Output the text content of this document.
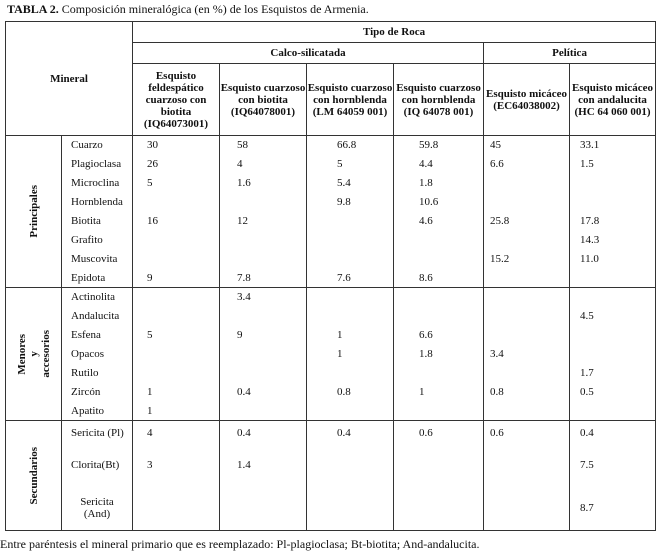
TABLA 2. Composición mineralógica (en %) de los Esquistos de Armenia.
Mineral		Tipo de Roca					
		Calco-silicatada				Pelítica	
		Esquisto feldespático cuarzoso con biotita (IQ64073001)	Esquisto cuarzoso con biotita (IQ64078001)	Esquisto cuarzoso con hornblenda (LM 64059 001)	Esquisto cuarzoso con hornblenda (IQ 64078 001)	Esquisto micáceo (EC64038002)	Esquisto micáceo con andalucita (HC 64 060 001)

Principales	Cuarzo	30	58	66.8	59.8	45	33.1
	Plagioclasa	26	4	5	4.4	6.6	1.5
	Microclina	5	1.6	5.4	1.8		
	Hornblenda			9.8	10.6		
	Biotita	16	12		4.6	25.8	17.8
	Grafito						14.3
	Muscovita					15.2	11.0
	Epidota	9	7.8	7.6	8.6		

Menores
y
accesorios	Actinolita		3.4				
	Andalucita						4.5
	Esfena	5	9	1	6.6		
	Opacos			1	1.8	3.4	
	Rutilo						1.7
	Zircón	1	0.4	0.8	1	0.8	0.5
	Apatito	1					

Secundarios	Sericita (Pl)	4	0.4	0.4	0.6	0.6	0.4
	Clorita(Bt)	3	1.4				7.5
	Sericita
(And)						8.7
Entre paréntesis el mineral primario que es reemplazado: Pl-plagioclasa; Bt-biotita; And-andalucita.
